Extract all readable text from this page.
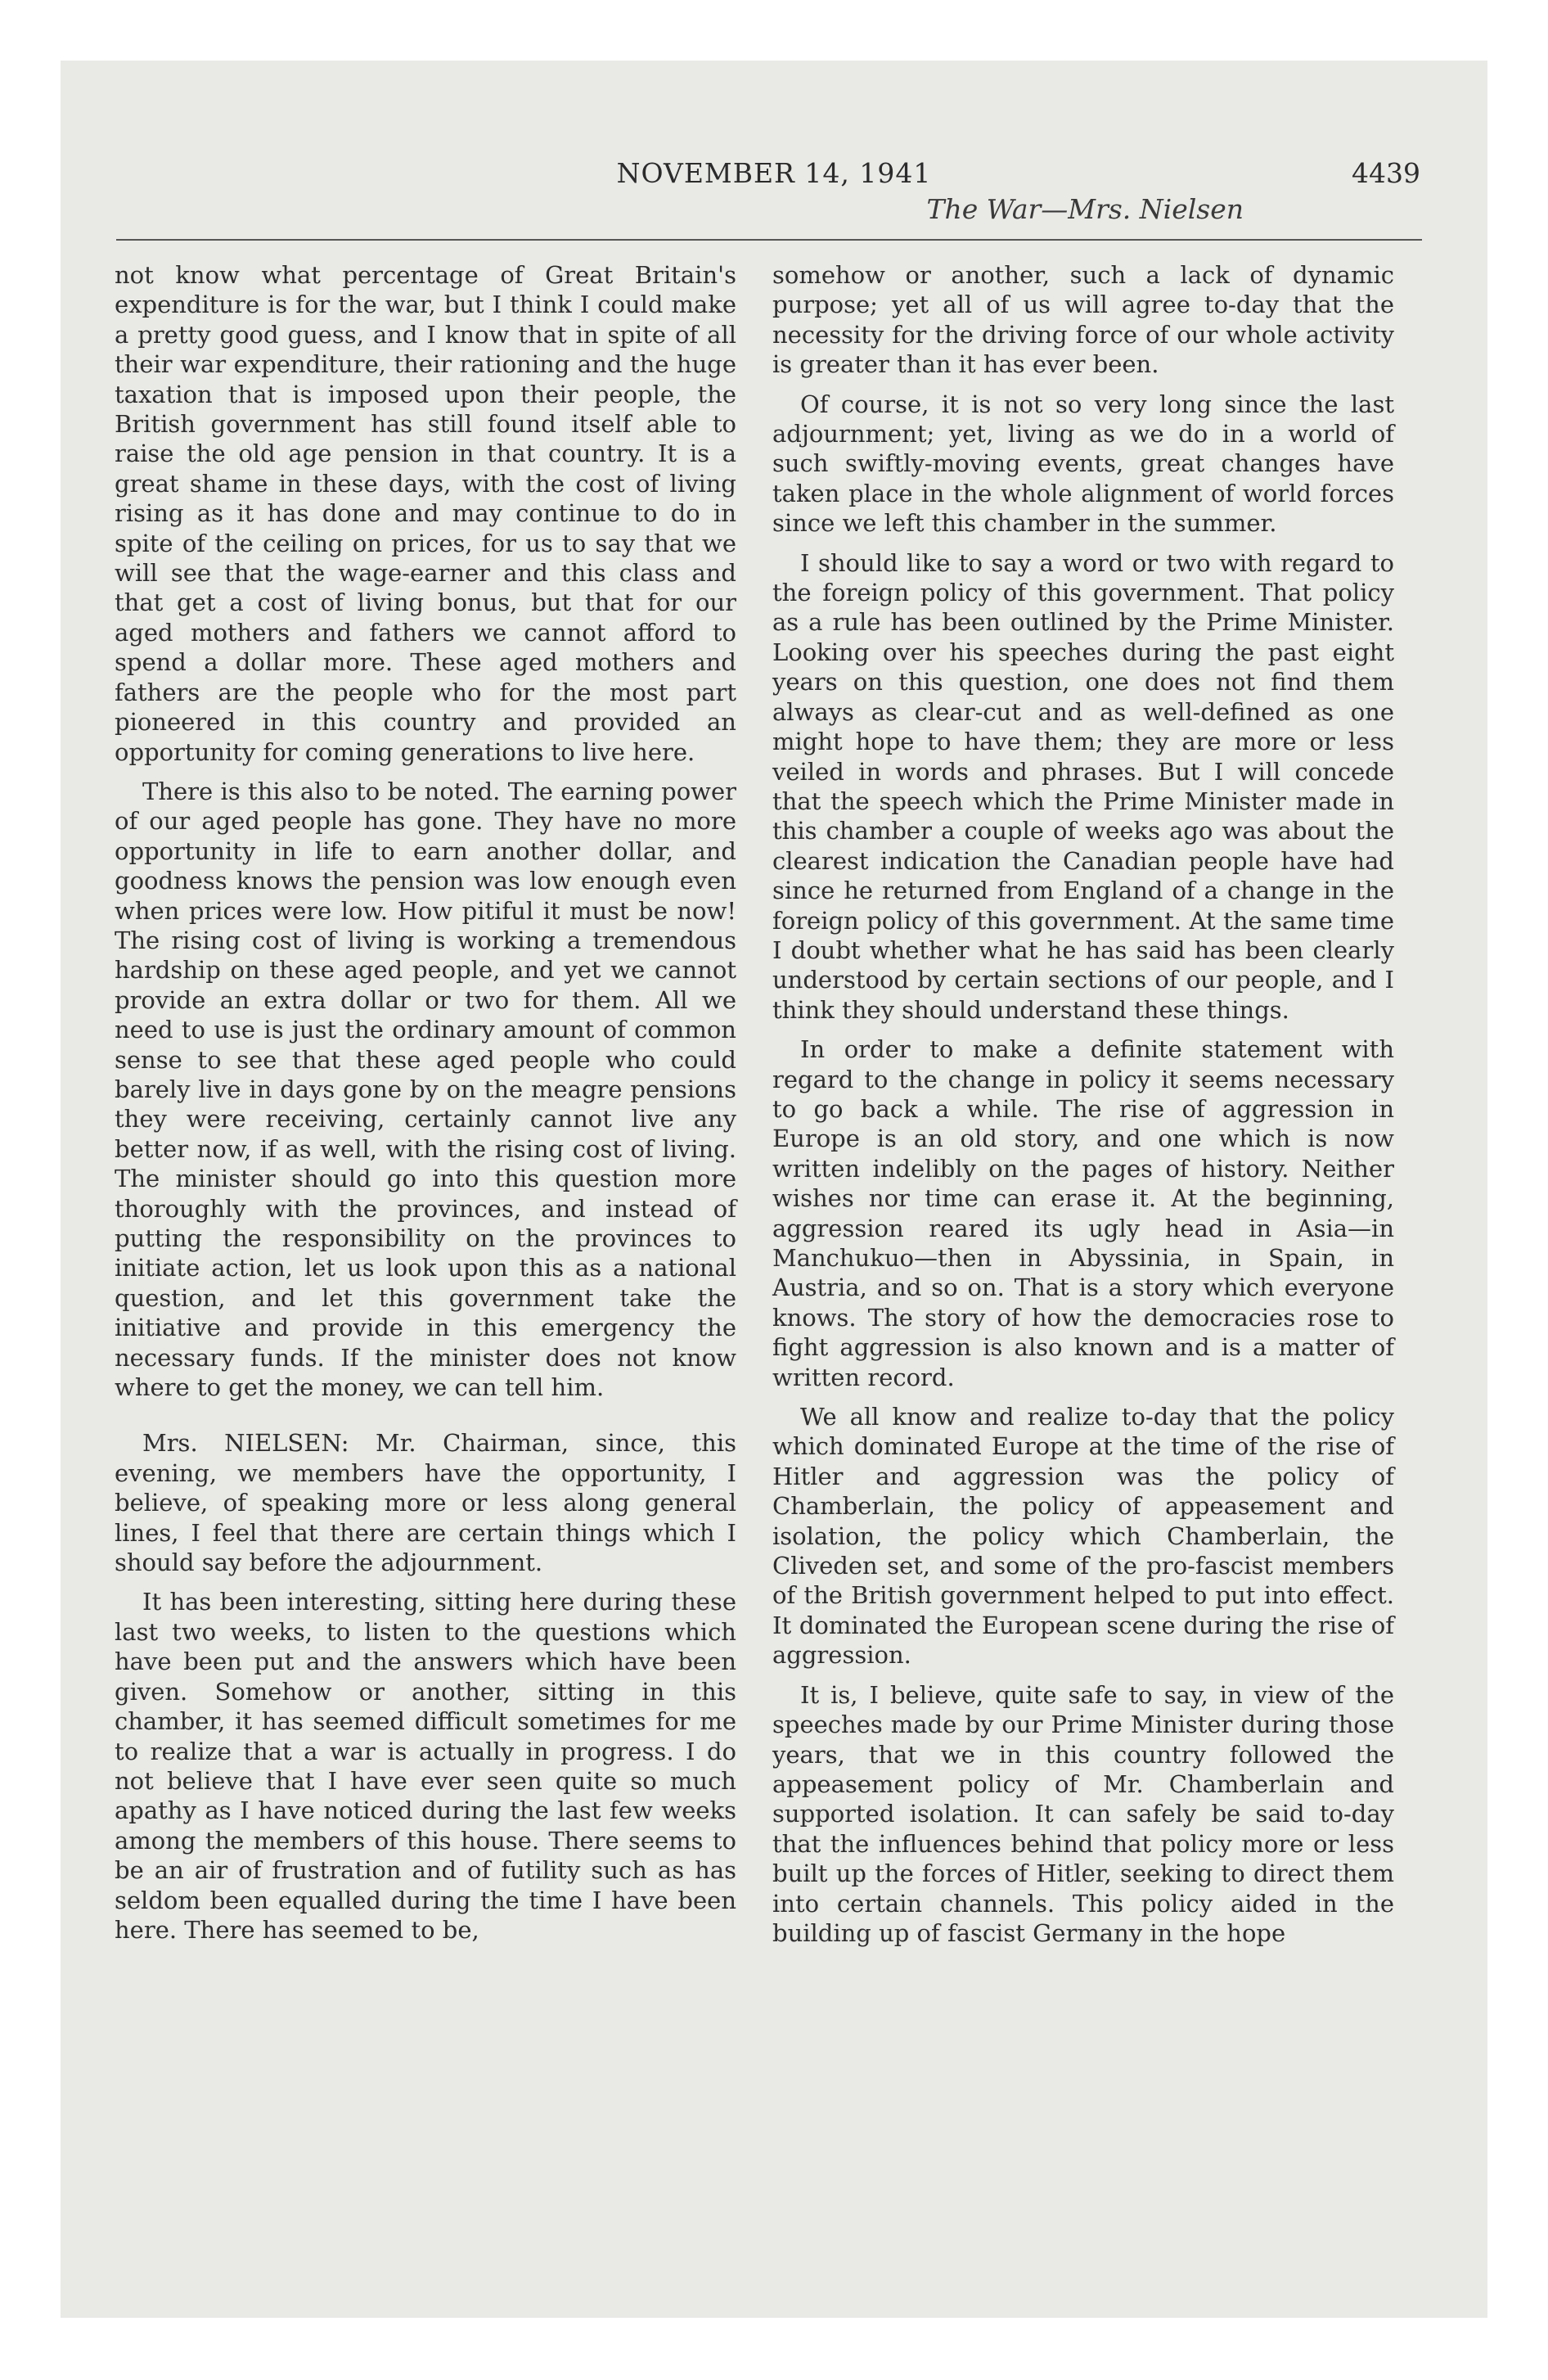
NOVEMBER 14, 1941	4439
The War—Mrs. Nielsen

not know what percentage of Great Britain's expenditure is for the war, but I think I could make a pretty good guess, and I know that in spite of all their war expenditure, their rationing and the huge taxation that is imposed upon their people, the British government has still found itself able to raise the old age pension in that country. It is a great shame in these days, with the cost of living rising as it has done and may continue to do in spite of the ceiling on prices, for us to say that we will see that the wage-earner and this class and that get a cost of living bonus, but that for our aged mothers and fathers we cannot afford to spend a dollar more. These aged mothers and fathers are the people who for the most part pioneered in this country and provided an opportunity for coming generations to live here.

There is this also to be noted. The earning power of our aged people has gone. They have no more opportunity in life to earn another dollar, and goodness knows the pension was low enough even when prices were low. How pitiful it must be now! The rising cost of living is working a tremendous hardship on these aged people, and yet we cannot provide an extra dollar or two for them. All we need to use is just the ordinary amount of common sense to see that these aged people who could barely live in days gone by on the meagre pensions they were receiving, certainly cannot live any better now, if as well, with the rising cost of living. The minister should go into this question more thoroughly with the provinces, and instead of putting the responsibility on the provinces to initiate action, let us look upon this as a national question, and let this government take the initiative and provide in this emergency the necessary funds. If the minister does not know where to get the money, we can tell him.

Mrs. NIELSEN: Mr. Chairman, since, this evening, we members have the opportunity, I believe, of speaking more or less along general lines, I feel that there are certain things which I should say before the adjournment.

It has been interesting, sitting here during these last two weeks, to listen to the questions which have been put and the answers which have been given. Somehow or another, sitting in this chamber, it has seemed difficult sometimes for me to realize that a war is actually in progress. I do not believe that I have ever seen quite so much apathy as I have noticed during the last few weeks among the members of this house. There seems to be an air of frustration and of futility such as has seldom been equalled during the time I have been here. There has seemed to be,

somehow or another, such a lack of dynamic purpose; yet all of us will agree to-day that the necessity for the driving force of our whole activity is greater than it has ever been.

Of course, it is not so very long since the last adjournment; yet, living as we do in a world of such swiftly-moving events, great changes have taken place in the whole alignment of world forces since we left this chamber in the summer.

I should like to say a word or two with regard to the foreign policy of this government. That policy as a rule has been outlined by the Prime Minister. Looking over his speeches during the past eight years on this question, one does not find them always as clear-cut and as well-defined as one might hope to have them; they are more or less veiled in words and phrases. But I will concede that the speech which the Prime Minister made in this chamber a couple of weeks ago was about the clearest indication the Canadian people have had since he returned from England of a change in the foreign policy of this government. At the same time I doubt whether what he has said has been clearly understood by certain sections of our people, and I think they should understand these things.

In order to make a definite statement with regard to the change in policy it seems necessary to go back a while. The rise of aggression in Europe is an old story, and one which is now written indelibly on the pages of history. Neither wishes nor time can erase it. At the beginning, aggression reared its ugly head in Asia—in Manchukuo—then in Abyssinia, in Spain, in Austria, and so on. That is a story which everyone knows. The story of how the democracies rose to fight aggression is also known and is a matter of written record.

We all know and realize to-day that the policy which dominated Europe at the time of the rise of Hitler and aggression was the policy of Chamberlain, the policy of appeasement and isolation, the policy which Chamberlain, the Cliveden set, and some of the pro-fascist members of the British government helped to put into effect. It dominated the European scene during the rise of aggression.

It is, I believe, quite safe to say, in view of the speeches made by our Prime Minister during those years, that we in this country followed the appeasement policy of Mr. Chamberlain and supported isolation. It can safely be said to-day that the influences behind that policy more or less built up the forces of Hitler, seeking to direct them into certain channels. This policy aided in the building up of fascist Germany in the hope
